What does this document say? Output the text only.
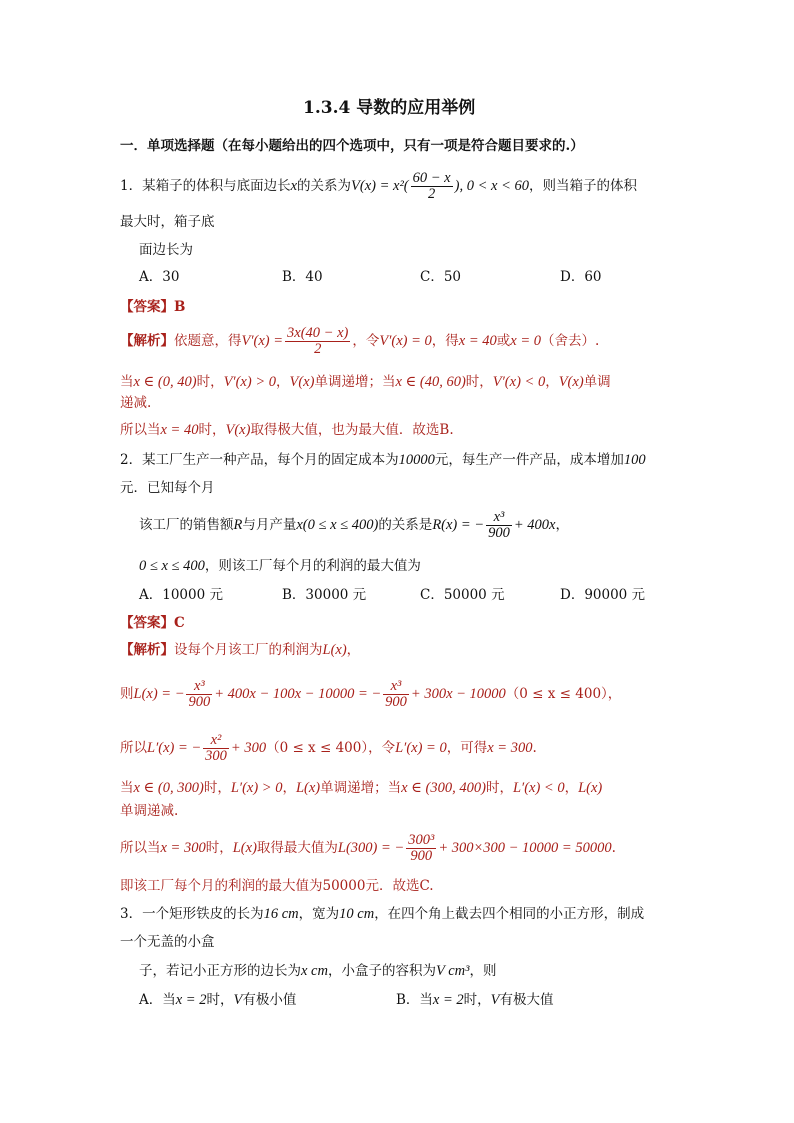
1.3.4 导数的应用举例
一．单项选择题（在每小题给出的四个选项中，只有一项是符合题目要求的.）
1．某箱子的体积与底面边长x的关系为$V(x) = x^2( \frac{60 - x}{2}$ ), 0 < x < 60，则当箱子的体积
最大时，箱子底
面边长为
A．30	B．40	C．50	D．60
【答案】B
【解析】依题意，得$V'(x) = \frac{3x(40 - x)}{2}$ ，令V′(x) = 0，得x = 40或x = 0（舍去）.
当x ∈ (0, 40)时，V′(x) > 0，V(x)单调递增；当x ∈ (40, 60)时，V′(x) < 0，V(x)单调
递减.
所以当x = 40时，V(x)取得极大值，也为最大值．故选B.
2．某工厂生产一种产品，每个月的固定成本为10000元，每生产一件产品，成本增加100
元．已知每个月
该工厂的销售额R与月产量x(0 ≤ x ≤ 400)的关系是R(x) = − $\frac{\text{x³}}{900} + 400x$，
0 ≤ x ≤ 400，则该工厂每个月的利润的最大值为
A．10000 元	B．30000 元	C．50000 元	D．90000 元
【答案】C
【解析】设每个月该工厂的利润为L(x)，
则L(x) = − $\frac{\text{x³}}{900} + 400x - 100x - 10000$ = − $\frac{\text{x³}}{900} + 300x - 10000(0 \le x \le 400)$，
所以L′(x) = − $\frac{\text{x²}}{300} + 300(0 \le x \le 400)$，令L′(x) = 0，可得x = 300.
当x ∈ (0, 300)时，L′(x) > 0，L(x)单调递增；当x ∈ (300, 400)时，L′(x) < 0，L(x)
单调递减.
所以当x = 300时，L(x)取得最大值为L(300) = − $\frac{\text{300³}}{900} + 300\times 300 - 10000 = 50000$.
即该工厂每个月的利润的最大值为50000元．故选C.
3．一个矩形铁皮的长为16 cm，宽为10 cm，在四个角上截去四个相同的小正方形，制成
一个无盖的小盒
子，若记小正方形的边长为x cm，小盒子的容积为V cm³，则
A．当x = 2时，V有极小值	B．当x = 2时，V有极大值
